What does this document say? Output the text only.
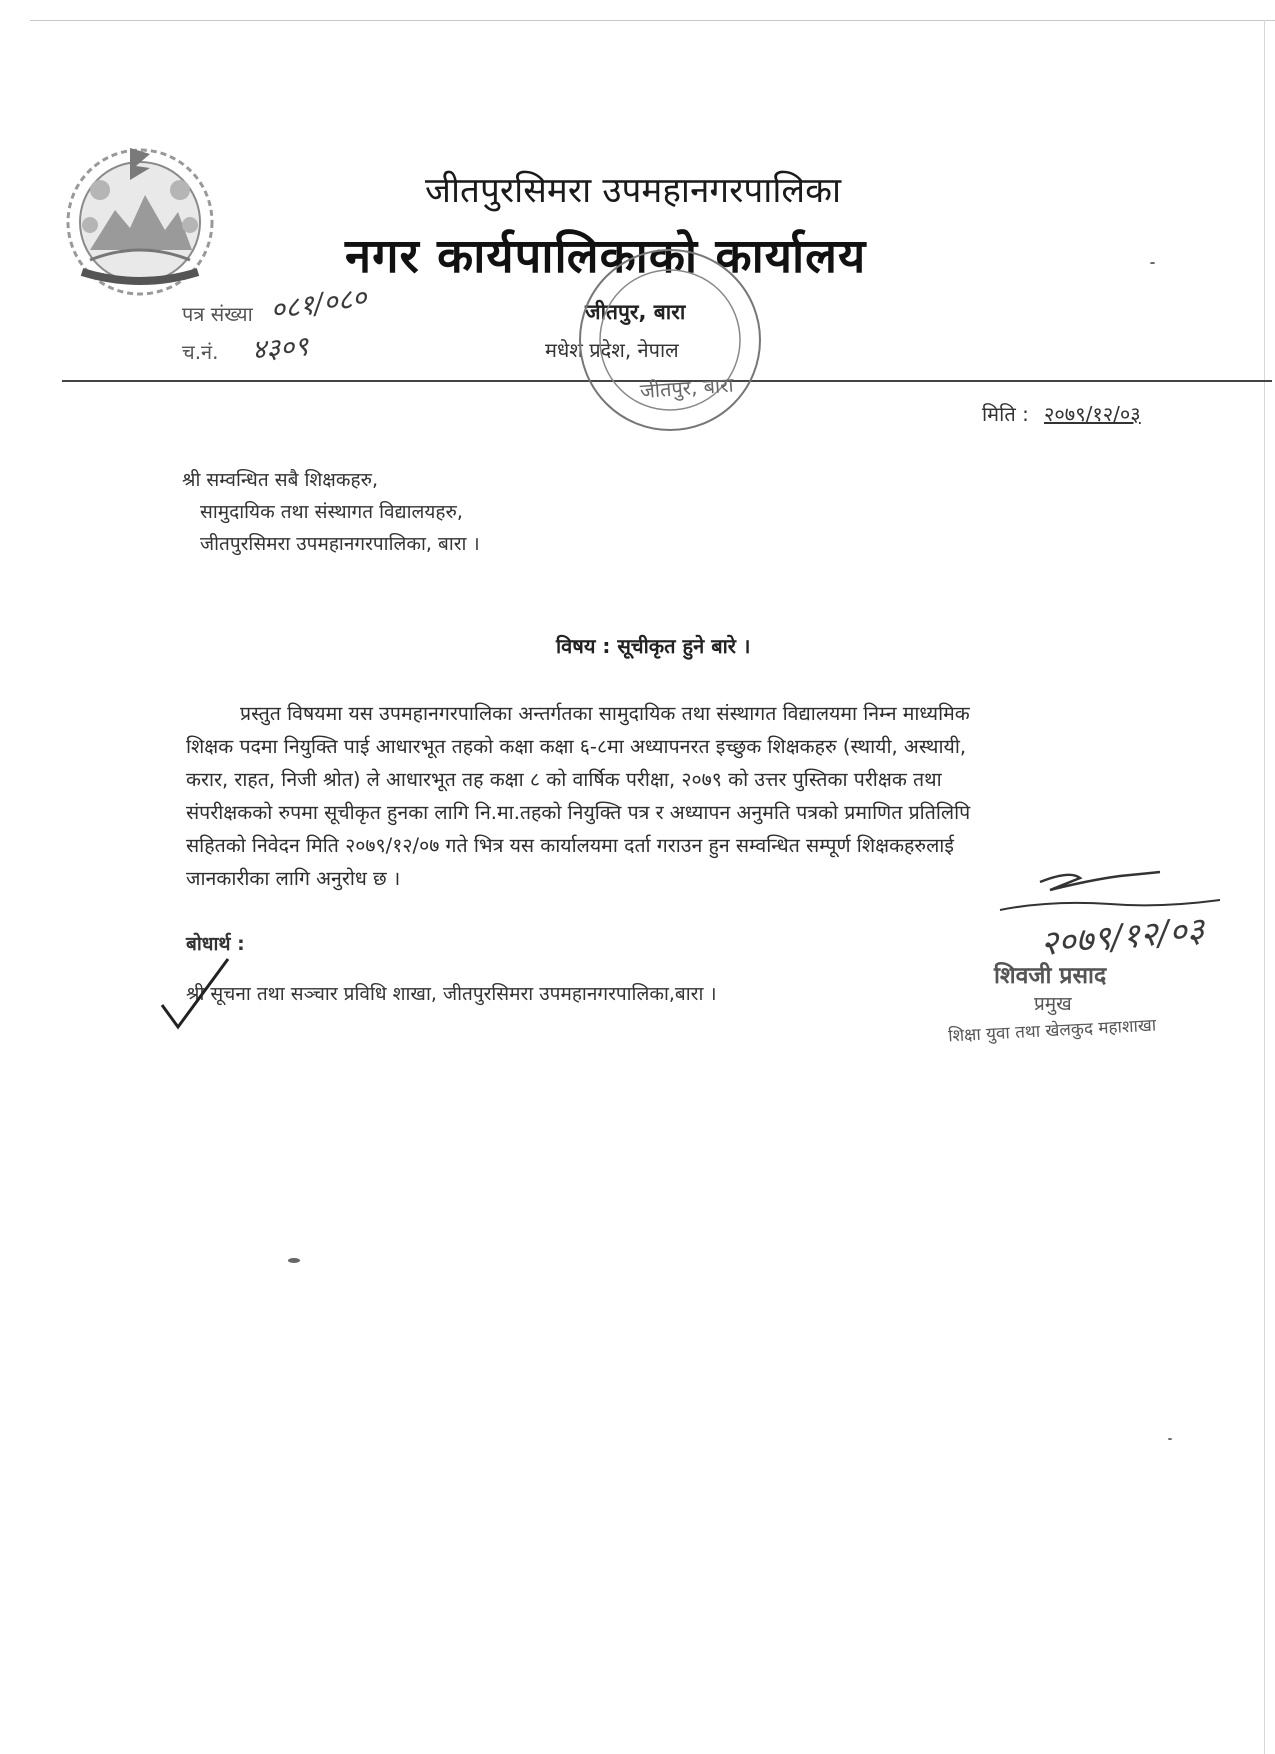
जीतपुरसिमरा उपमहानगरपालिका
नगर कार्यपालिकाको कार्यालय
जीतपुर, बारा
मधेश प्रदेश, नेपाल
पत्र संख्या ०८१/०८०
च.नं. ४३०९
जीतपुर, बारा
मिति : २०७९/१२/०३
श्री सम्वन्धित सबै शिक्षकहरु,
सामुदायिक तथा संस्थागत विद्यालयहरु,
जीतपुरसिमरा उपमहानगरपालिका, बारा ।
विषय : सूचीकृत हुने बारे ।
प्रस्तुत विषयमा यस उपमहानगरपालिका अन्तर्गतका सामुदायिक तथा संस्थागत विद्यालयमा निम्न माध्यमिक
शिक्षक पदमा नियुक्ति पाई आधारभूत तहको कक्षा कक्षा ६-८मा अध्यापनरत इच्छुक शिक्षकहरु (स्थायी, अस्थायी,
करार, राहत, निजी श्रोत) ले आधारभूत तह कक्षा ८ को वार्षिक परीक्षा, २०७९ को उत्तर पुस्तिका परीक्षक तथा
संपरीक्षकको रुपमा सूचीकृत हुनका लागि नि.मा.तहको नियुक्ति पत्र र अध्यापन अनुमति पत्रको प्रमाणित प्रतिलिपि
सहितको निवेदन मिति २०७९/१२/०७ गते भित्र यस कार्यालयमा दर्ता गराउन हुन सम्वन्धित सम्पूर्ण शिक्षकहरुलाई
जानकारीका लागि अनुरोध छ ।
बोधार्थ :
श्री सूचना तथा सञ्चार प्रविधि शाखा, जीतपुरसिमरा उपमहानगरपालिका,बारा ।
२०७९/१२/०३
शिवजी प्रसाद
प्रमुख
शिक्षा युवा तथा खेलकुद महाशाखा
